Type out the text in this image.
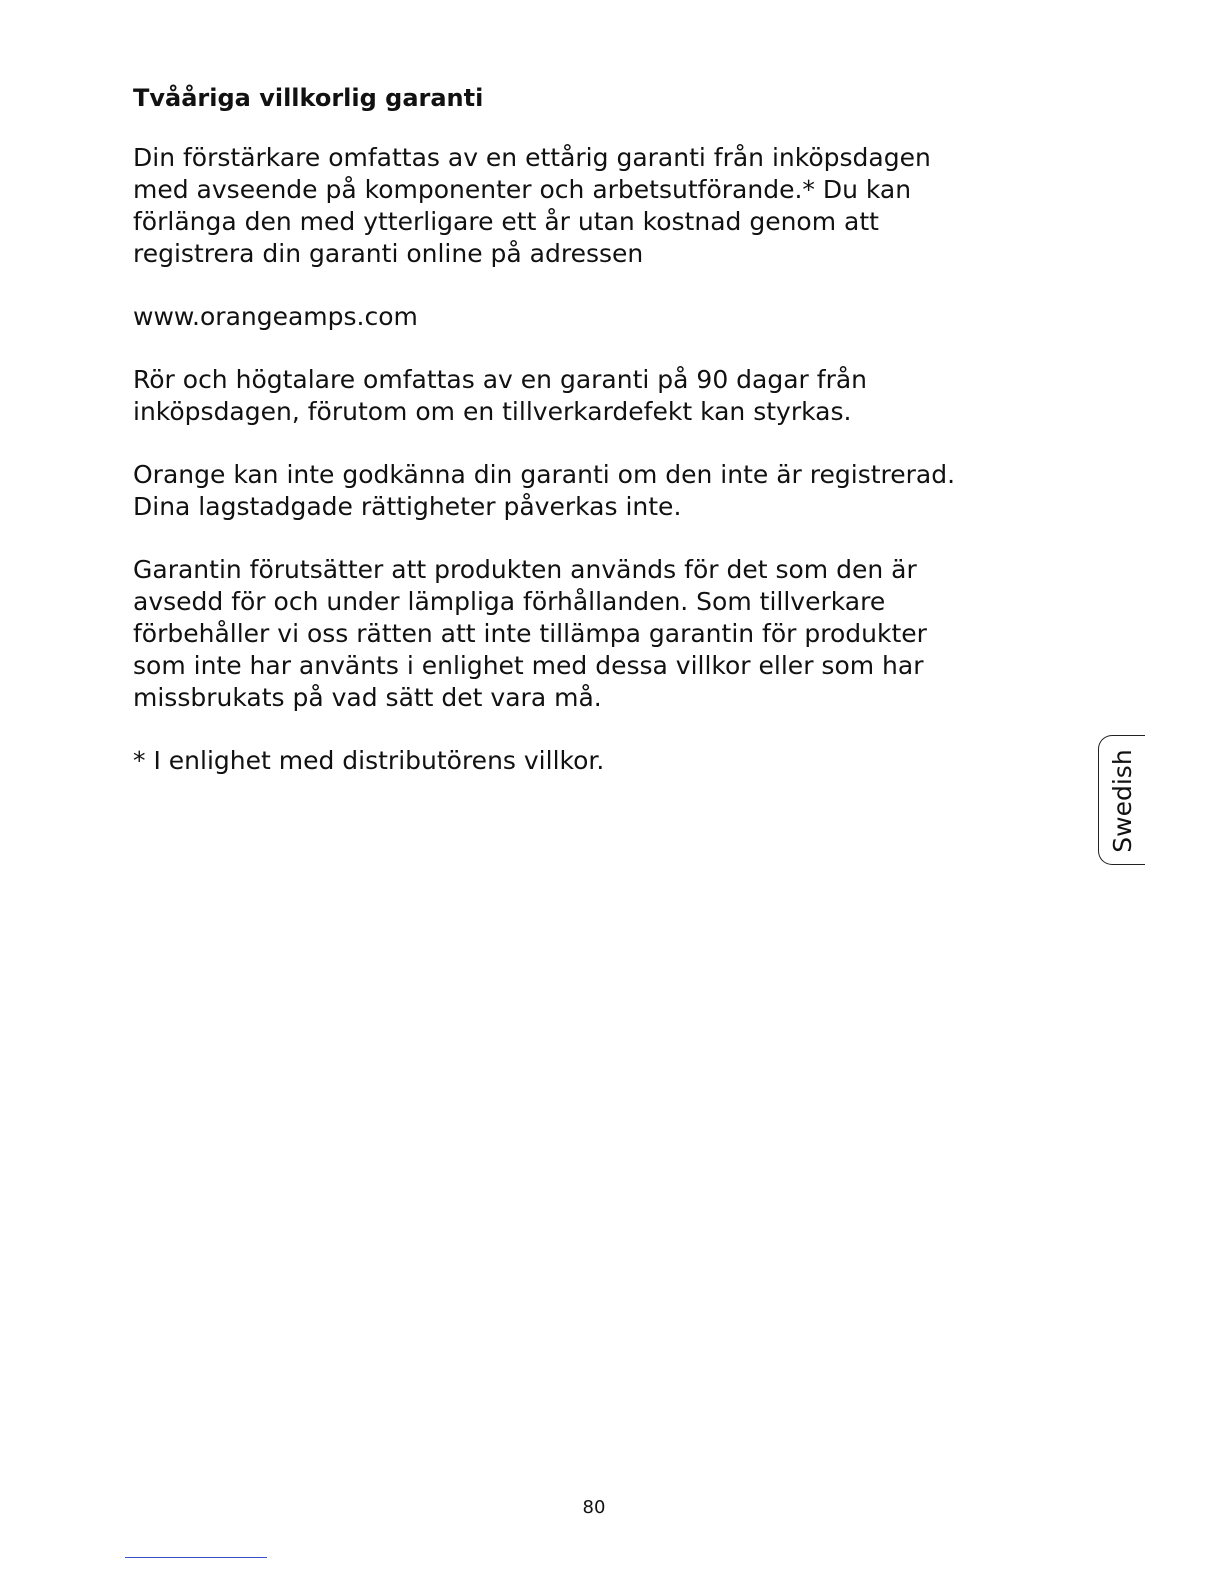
Tvååriga villkorlig garanti

Din förstärkare omfattas av en ettårig garanti från inköpsdagen
med avseende på komponenter och arbetsutförande.* Du kan
förlänga den med ytterligare ett år utan kostnad genom att
registrera din garanti online på adressen

www.orangeamps.com

Rör och högtalare omfattas av en garanti på 90 dagar från
inköpsdagen, förutom om en tillverkardefekt kan styrkas.

Orange kan inte godkänna din garanti om den inte är registrerad.
Dina lagstadgade rättigheter påverkas inte.

Garantin förutsätter att produkten används för det som den är
avsedd för och under lämpliga förhållanden. Som tillverkare
förbehåller vi oss rätten att inte tillämpa garantin för produkter
som inte har använts i enlighet med dessa villkor eller som har
missbrukats på vad sätt det vara må.

* I enlighet med distributörens villkor.	Swedish
80
